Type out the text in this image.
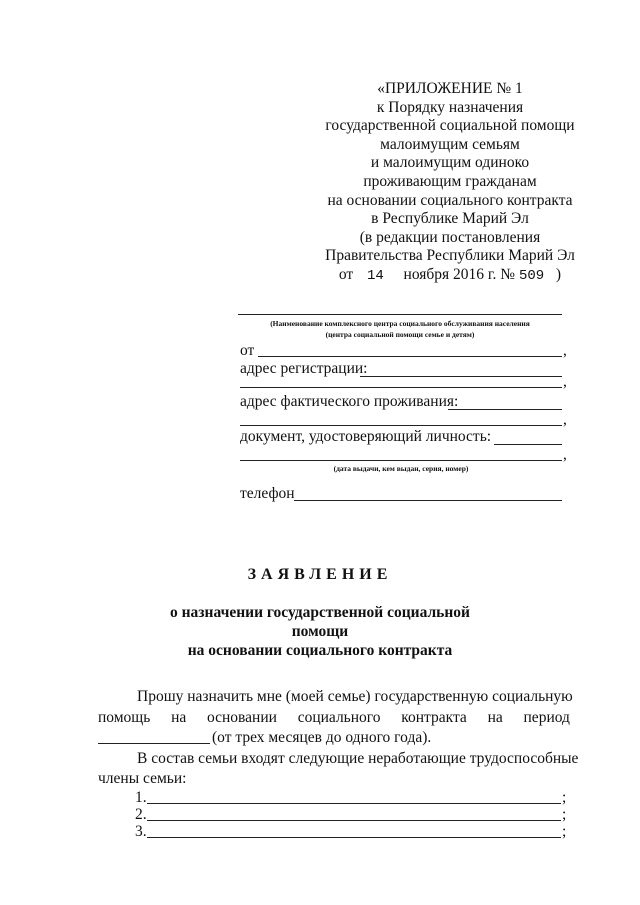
«ПРИЛОЖЕНИЕ № 1
к Порядку назначения
государственной социальной помощи
малоимущим семьям
и малоимущим одиноко
проживающим гражданам
на основании социального контракта
в Республике Марий Эл
(в редакции постановления
Правительства Республики Марий Эл
от 14 ноября 2016 г. № 509 )
(Наименование комплексного центра социального обслуживания населения
(центра социальной помощи семье и детям)
от	,
адрес регистрации:
,
адрес фактического проживания:
,
документ, удостоверяющий личность:
,
(дата выдачи, кем выдан, серия, номер)
телефон
ЗАЯВЛЕНИЕ
о назначении государственной социальной помощи
на основании социального контракта
Прошу назначить мне (моей семье) государственную социальную
помощь на основании социального контракта на период
(от трех месяцев до одного года).
В состав семьи входят следующие неработающие трудоспособные
члены семьи:
1.	;
2.	;
3.	;
